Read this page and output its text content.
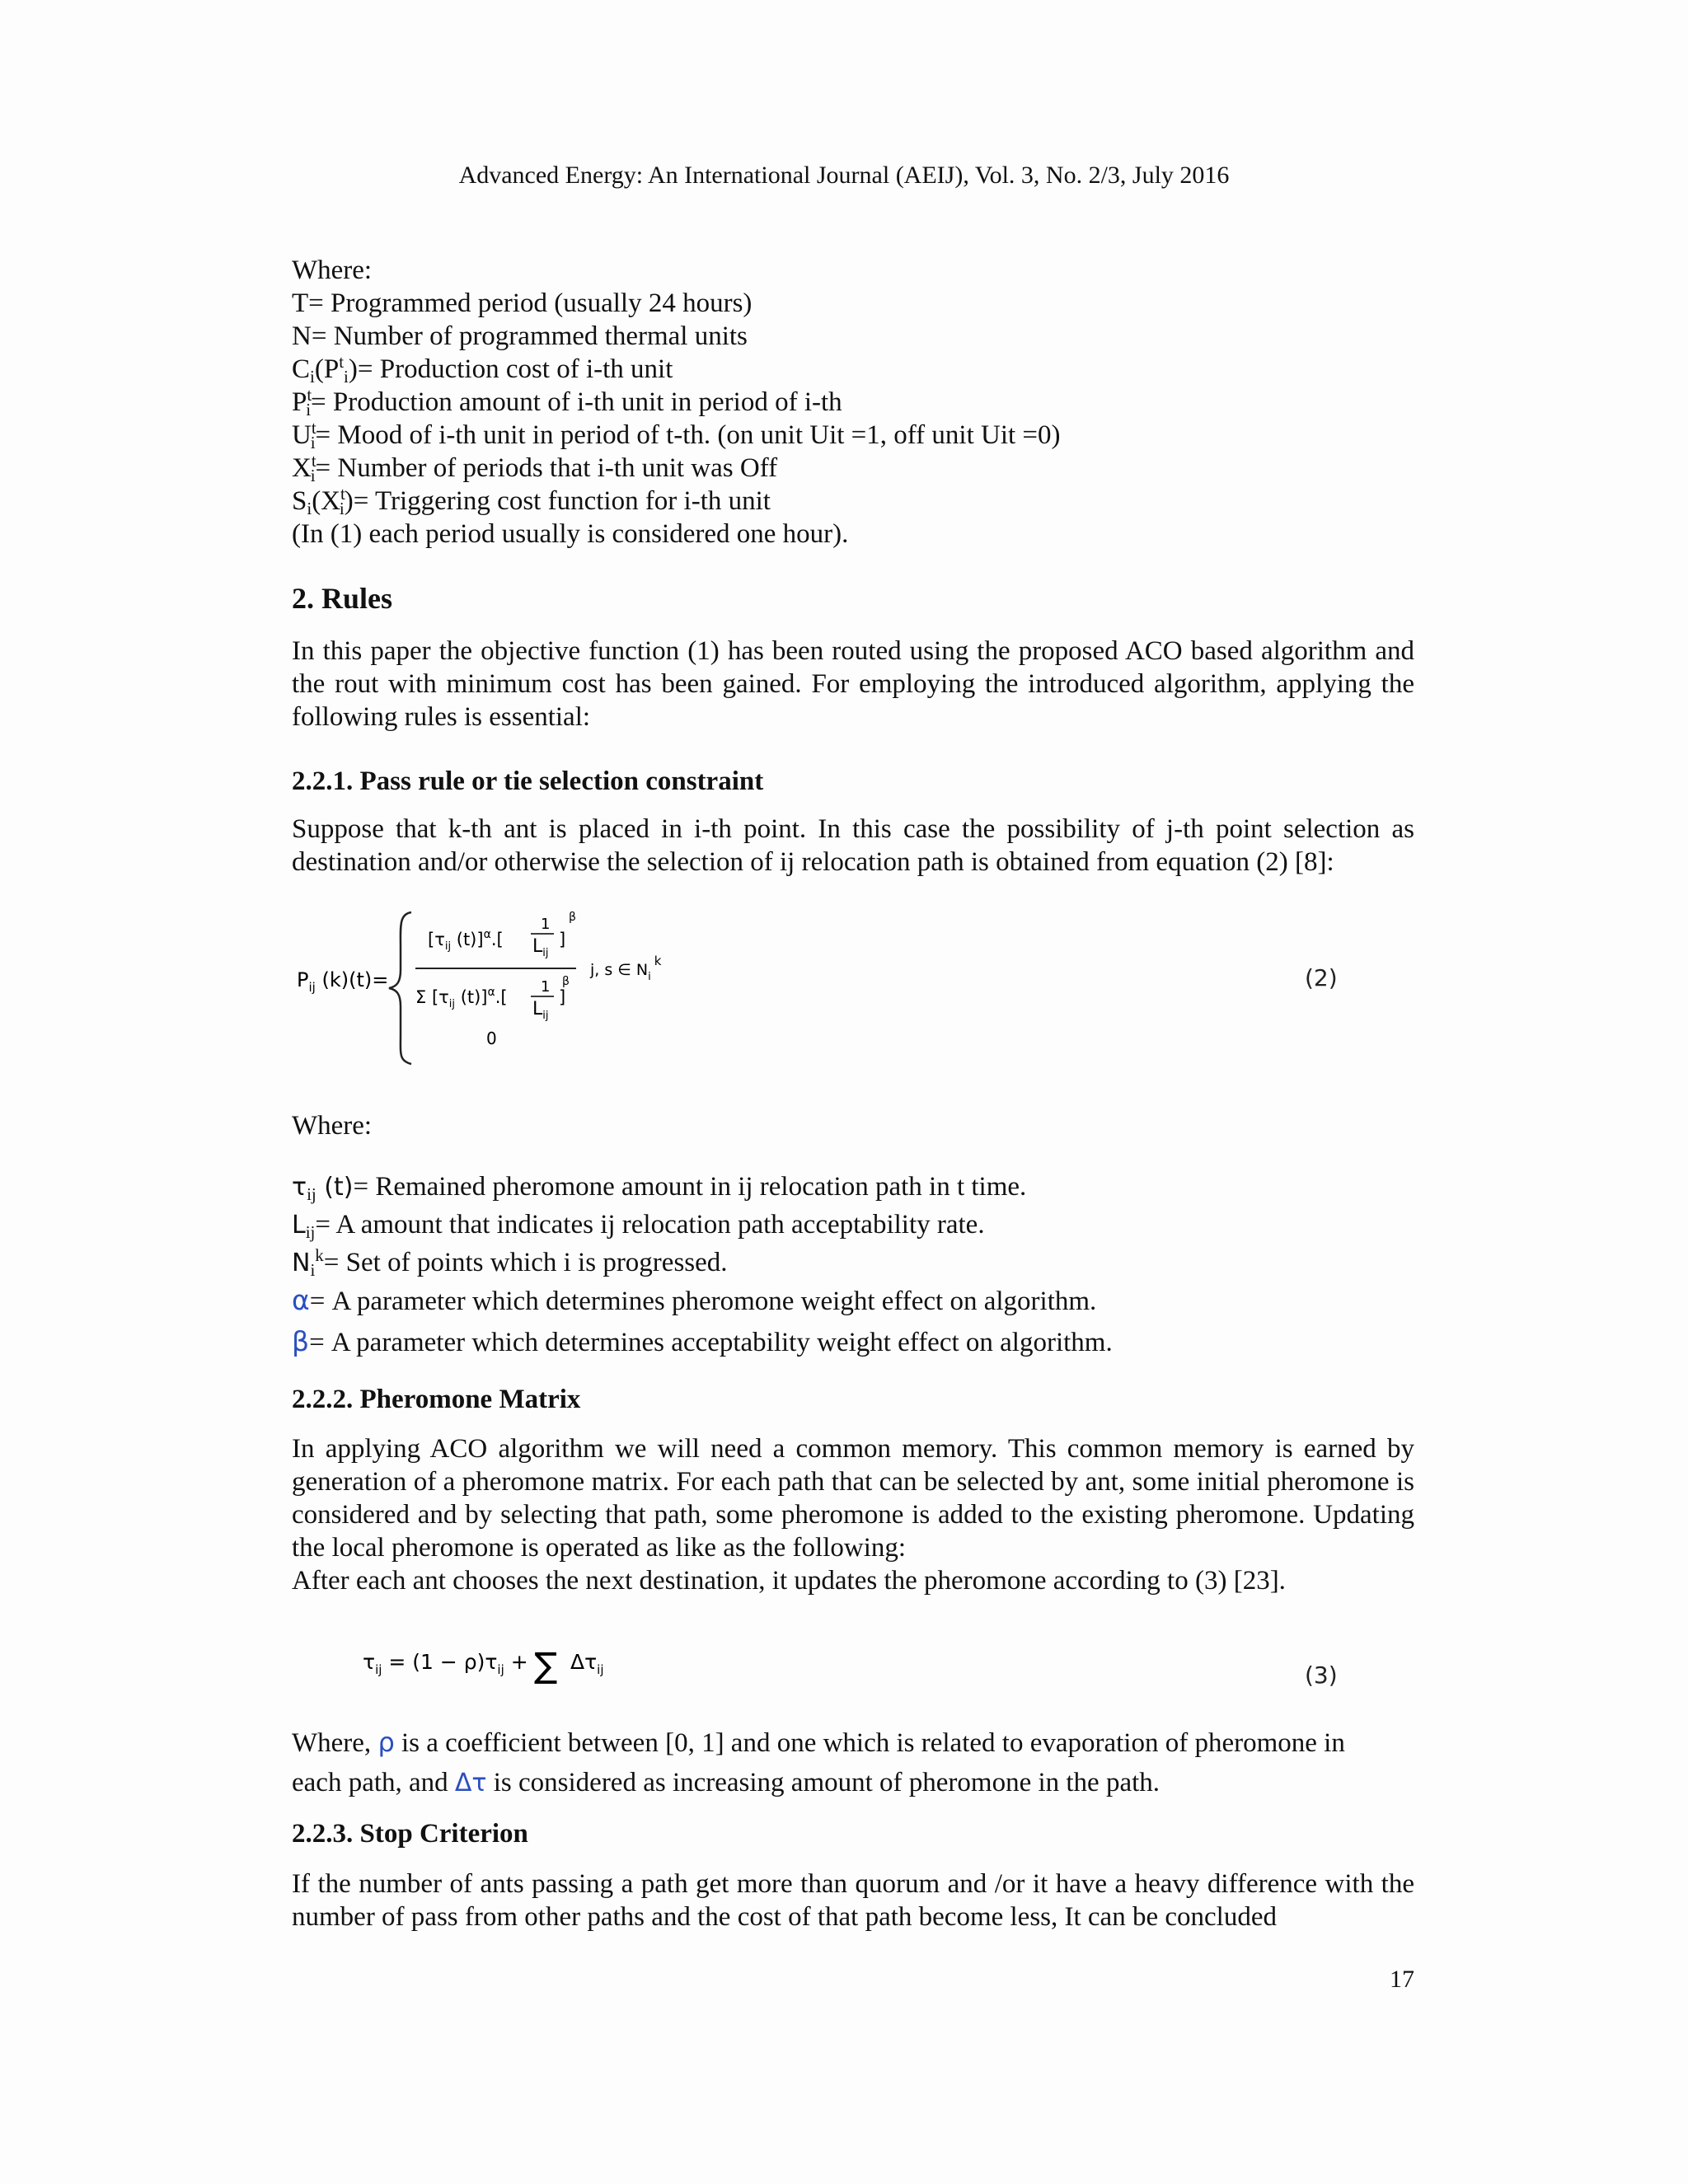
Advanced Energy: An International Journal (AEIJ), Vol. 3, No. 2/3, July 2016
Where:
T= Programmed period (usually 24 hours)
N= Number of programmed thermal units
$C_i(P^t_i)=$ Production cost of i-th unit
$P^t_i=$ Production amount of i-th unit in period of i-th
$U^t_i=$ Mood of i-th unit in period of t-th. (on unit Uit =1, off unit Uit =0)
$X^t_i=$ Number of periods that i-th unit was Off
$S_i(X^t_i)=$ Triggering cost function for i-th unit
(In (1) each period usually is considered one hour).
2. Rules
In this paper the objective function (1) has been routed using the proposed ACO based algorithm and the rout with minimum cost has been gained. For employing the introduced algorithm, applying the following rules is essential:
2.2.1. Pass rule or tie selection constraint
Suppose that k-th ant is placed in i-th point. In this case the possibility of j-th point selection as destination and/or otherwise the selection of ij relocation path is obtained from equation (2) [8]:
$P_{ij}$ (k)(t)=
[$\tau_{ij}$ (t)]$^\alpha$.[
1
$L_{ij}$
]
β
Σ [$\tau_{ij}$ (t)]$^\alpha$.[
1
$L_{ij}$
]
β
0
j, s ∈ $N_i^k$
(2)
Where:
$\tau_{ij}$ (t)= Remained pheromone amount in ij relocation path in t time.
$L_{ij}= A$ amount that indicates ij relocation path acceptability rate.
$N_i^k=$ Set of points which i is progressed.
α= A parameter which determines pheromone weight effect on algorithm.
β= A parameter which determines acceptability weight effect on algorithm.
2.2.2. Pheromone Matrix
In applying ACO algorithm we will need a common memory. This common memory is earned by generation of a pheromone matrix. For each path that can be selected by ant, some initial pheromone is considered and by selecting that path, some pheromone is added to the existing pheromone. Updating the local pheromone is operated as like as the following:
After each ant chooses the next destination, it updates the pheromone according to (3) [23].
$\tau_{ij} = (1 - \rho)\tau_{ij}$ + ∑ $\Delta\tau_{ij}$	(3)
Where, ρ is a coefficient between [0, 1] and one which is related to evaporation of pheromone in
each path, and Δτ is considered as increasing amount of pheromone in the path.
2.2.3. Stop Criterion
If the number of ants passing a path get more than quorum and /or it have a heavy difference with the number of pass from other paths and the cost of that path become less, It can be concluded
17
